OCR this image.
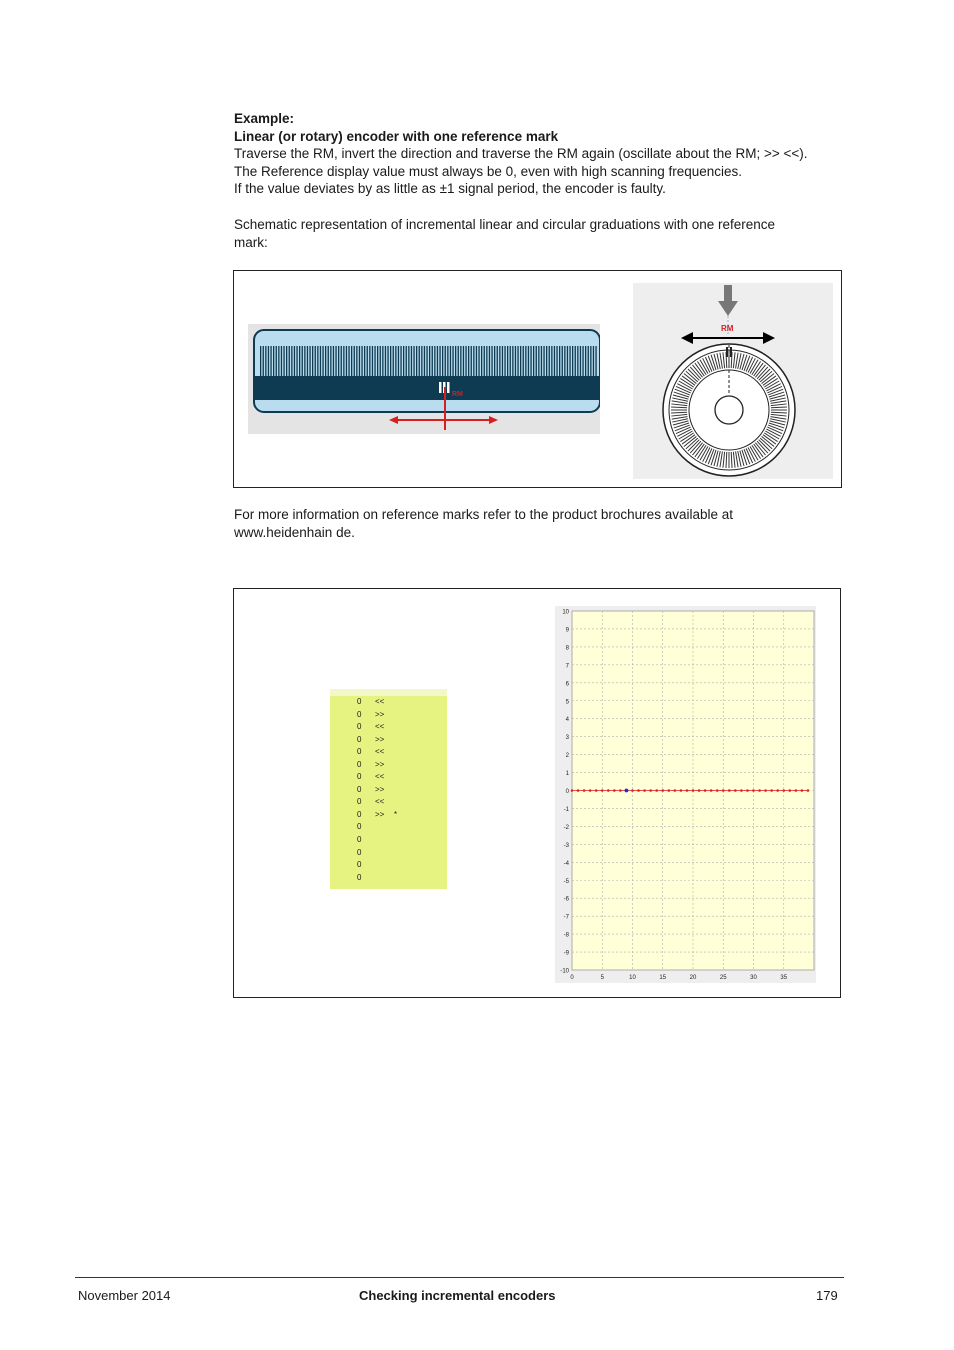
Example:
Linear (or rotary) encoder with one reference mark
Traverse the RM, invert the direction and traverse the RM again (oscillate about the RM; >> <<).
The Reference display value must always be 0, even with high scanning frequencies.
If the value deviates by as little as ±1 signal period, the encoder is faulty.
Schematic representation of incremental linear and circular graduations with one reference
mark:
RM
RM
For more information on reference marks refer to the product brochures available at
www.heidenhain de.
0 <<
0 >>
0 <<
0 >>
0 <<
0 >>
0 <<
0 >>
0 <<
0 >> *
0
0
0
0
0
10
9
8
7
6
5
4
3
2
1
0
-1
-2
-3
-4
-5
-6
-7
-8
-9
-10
0	5	10	15	20	25	30	35
November 2014	Checking incremental encoders	179
